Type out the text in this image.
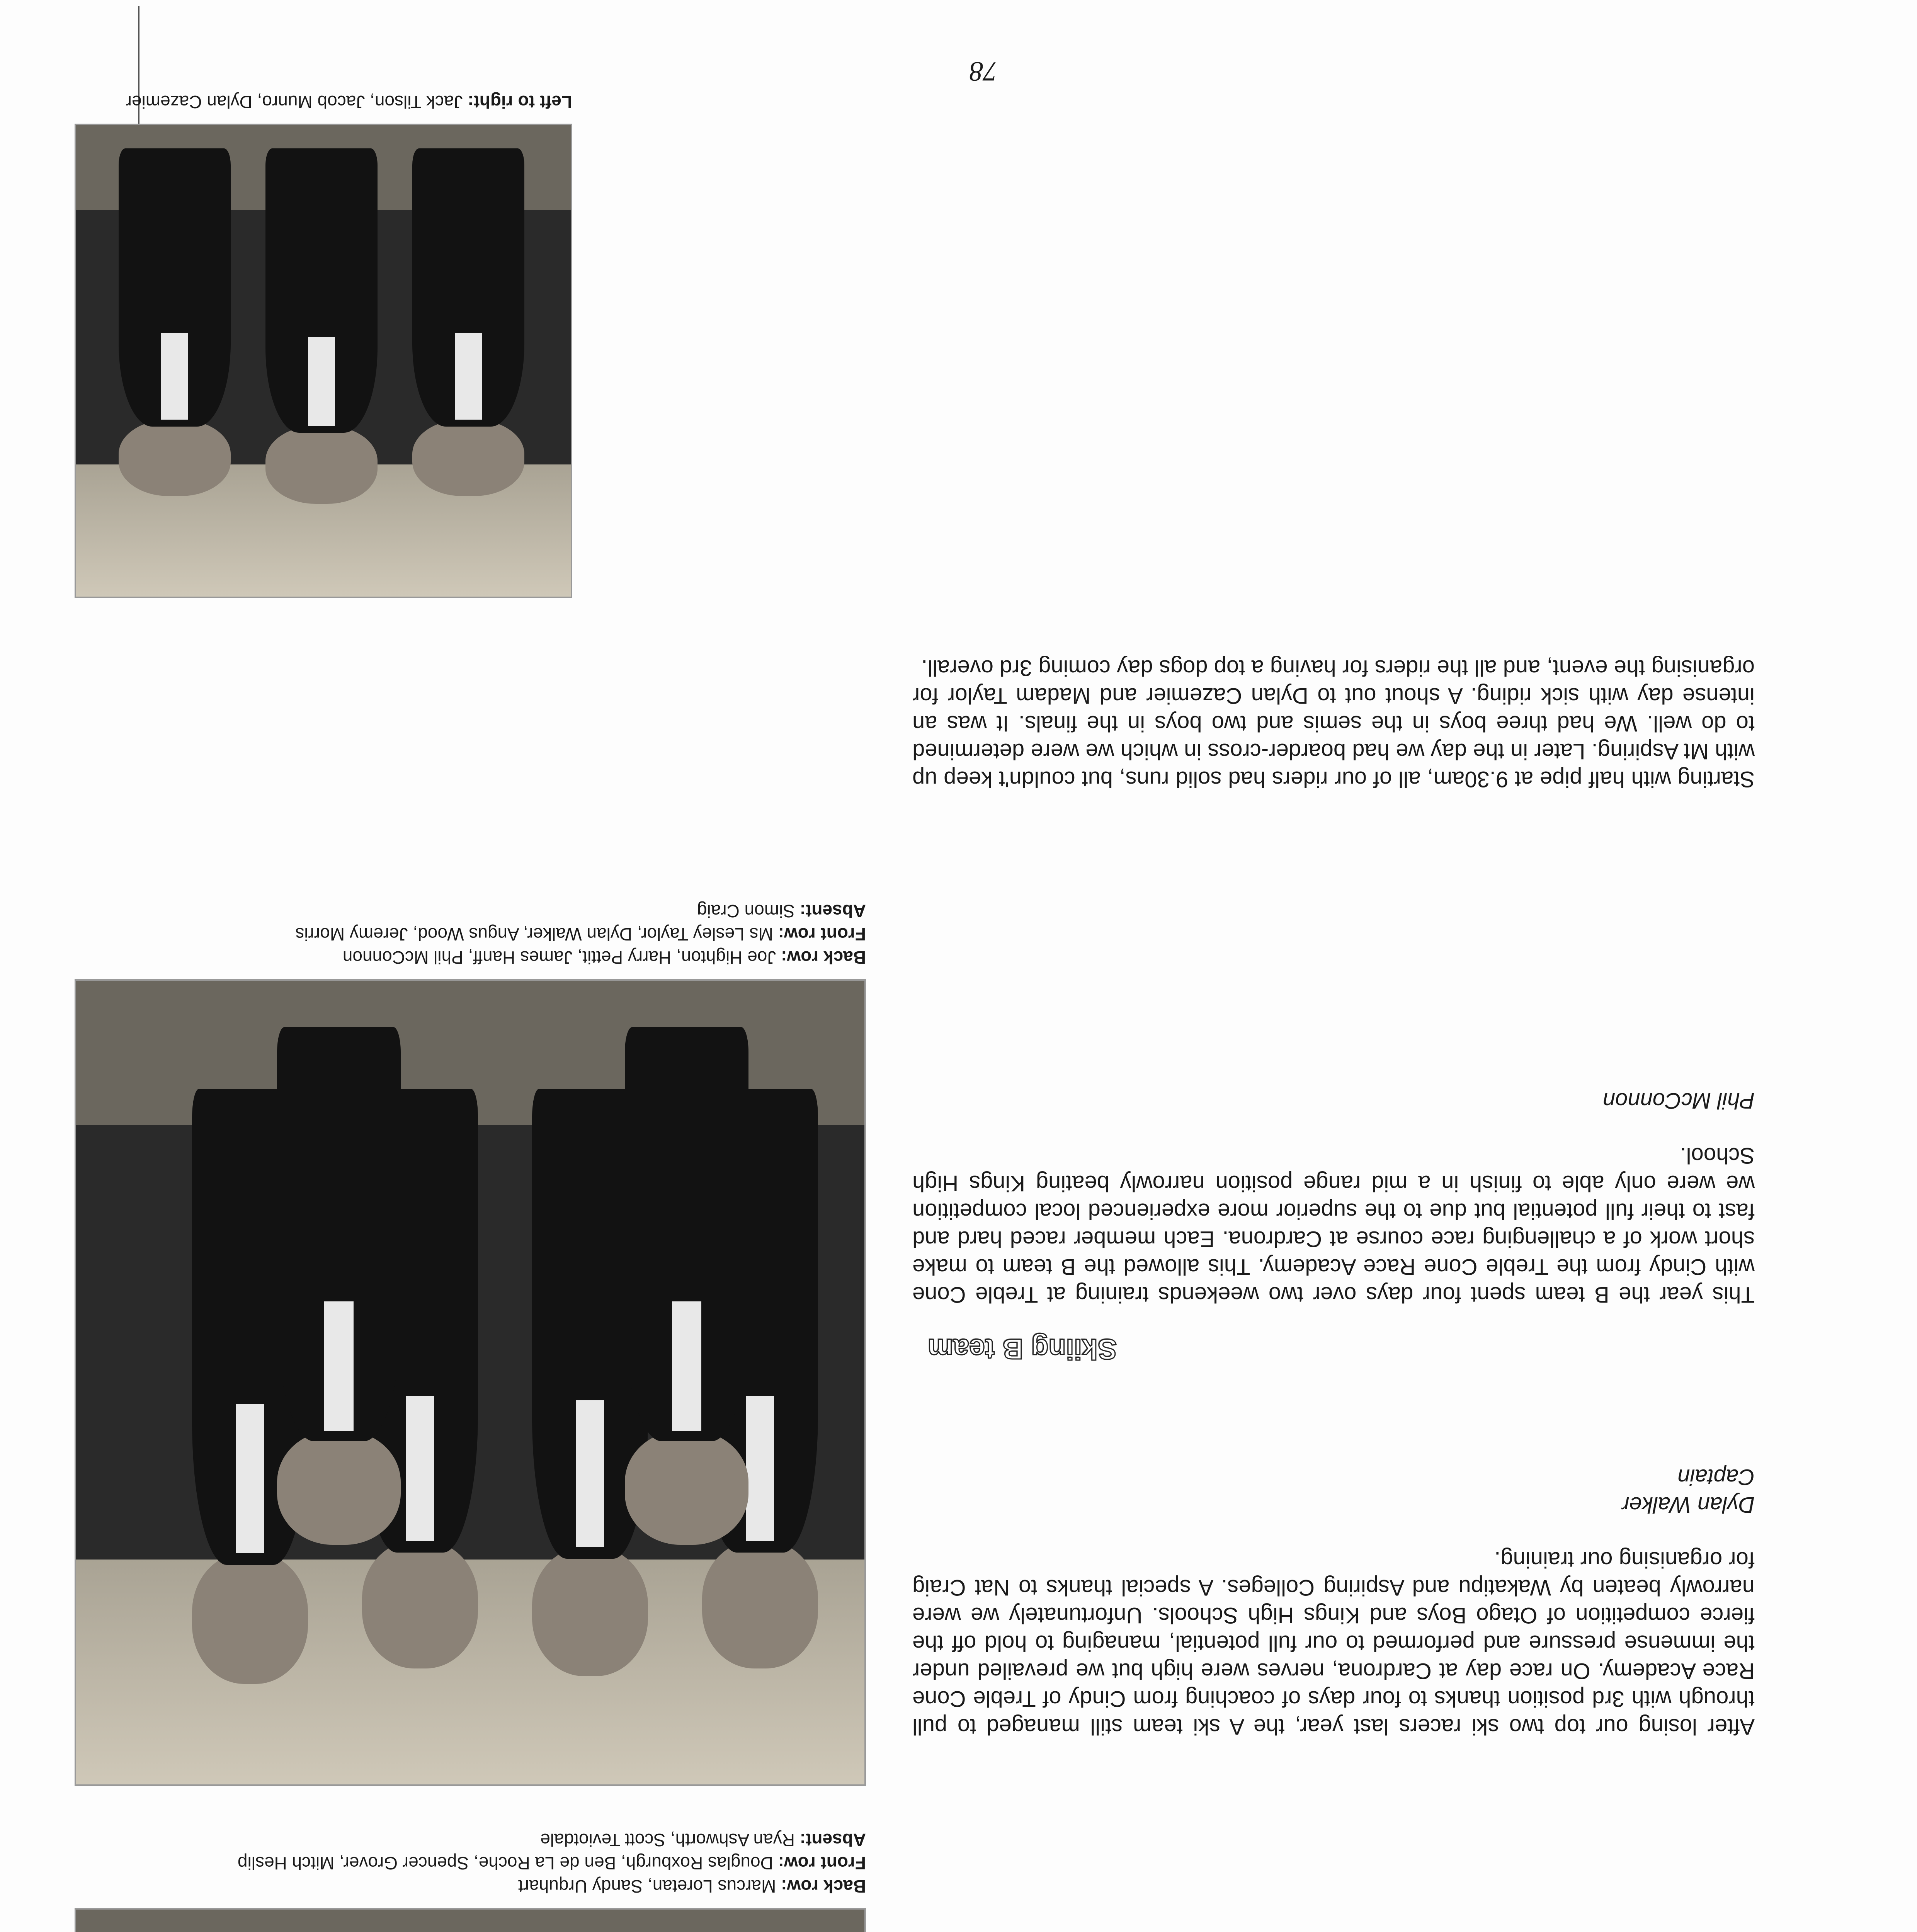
After losing our top two ski racers last year, the A ski team still managed to pull through with 3rd position thanks to four days of coaching from Cindy of Treble Cone Race Academy. On race day at Cardrona, nerves were high but we prevailed under the immense pressure and performed to our full potential, managing to hold off the fierce competition of Otago Boys and Kings High Schools. Unfortunately we were narrowly beaten by Wakatipu and Aspiring Colleges. A special thanks to Nat Craig for organising our training.

Dylan Walker
Captain

Skiing B team

This year the B team spent four days over two weekends training at Treble Cone with Cindy from the Treble Cone Race Academy. This allowed the B team to make short work of a challenging race course at Cardrona. Each member raced hard and fast to their full potential but due to the superior more experienced local competition we were only able to finish in a mid range position narrowly beating Kings High School.

Phil McConnon

Starting with half pipe at 9.30am, all of our riders had solid runs, but couldn't keep up with Mt Aspiring. Later in the day we had boarder-cross in which we were determined to do well. We had three boys in the semis and two boys in the finals. It was an intense day with sick riding. A shout out to Dylan Cazemier and Madam Taylor for organising the event, and all the riders for having a top dogs day coming 3rd overall.

Back row: Marcus Loretan, Sandy Urquhart
Front row: Douglas Roxburgh, Ben de La Roche, Spencer Grover, Mitch Heslip
Absent: Ryan Ashworth, Scott Teviotdale
Back row: Joe Highton, Harry Pettit, James Hanff, Phil McConnon
Front row: Ms Lesley Taylor, Dylan Walker, Angus Wood, Jeremy Morris
Absent: Simon Craig
Left to right: Jack Tilson, Jacob Munro, Dylan Cazemier
78
